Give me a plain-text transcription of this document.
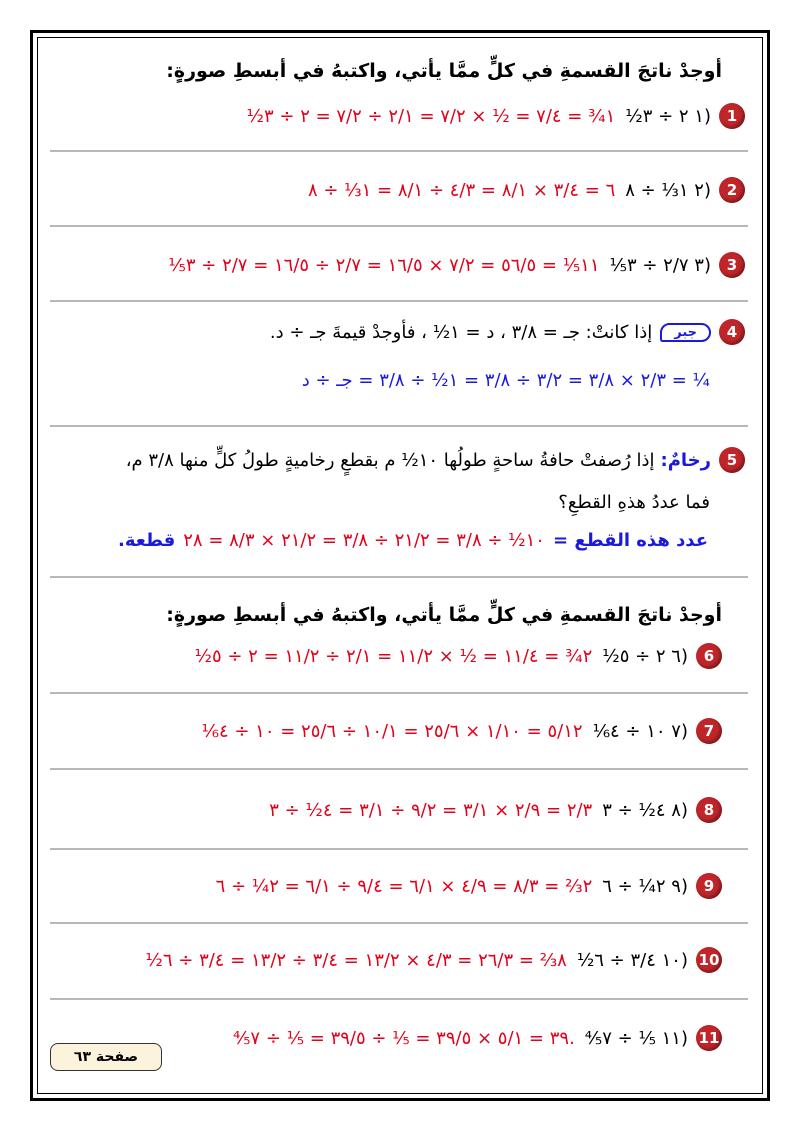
أوجدْ ناتجَ القسمةِ في كلٍّ ممَّا يأتي، واكتبهُ في أبسطِ صورةٍ:
1
(١ ٢ ÷ ٣½
١¾ = ٧/٤ = ½ × ٧/٢ = ٢/١ ÷ ٧/٢ = ٢ ÷ ٣½
2
(٢ ١⅓ ÷ ٨
٦ = ٣/٤ × ٨/١ = ٤/٣ ÷ ٨/١ = ١⅓ ÷ ٨
3
(٣ ٢/٧ ÷ ٣⅕
١١⅕ = ٥٦/٥ = ٧/٢ × ١٦/٥ = ٢/٧ ÷ ١٦/٥ = ٢/٧ ÷ ٣⅕
4
جبر
إذا كانتْ: جـ = ٣/٨ ، د = ١½ ، فأوجدْ قيمةَ جـ ÷ د.
¼ = ٢/٣ × ٣/٨ = ٣/٢ ÷ ٣/٨ = ١½ ÷ ٣/٨ = جـ ÷ د
5
رخامٌ:
إذا رُصفتْ حافةُ ساحةٍ طولُها ١٠½ م بقطعٍ رخاميةٍ طولُ كلٍّ منها ٣/٨ م،
فما عددُ هذهِ القطعِ؟
عدد هذه القطع =
١٠½ ÷ ٣/٨ = ٢١/٢ ÷ ٣/٨ = ٢١/٢ × ٨/٣ = ٢٨
قطعة.
أوجدْ ناتجَ القسمةِ في كلٍّ ممَّا يأتي، واكتبهُ في أبسطِ صورةٍ:
6
(٦ ٢ ÷ ٥½
٢¾ = ١١/٤ = ½ × ١١/٢ = ٢/١ ÷ ١١/٢ = ٢ ÷ ٥½
7
(٧ ١٠ ÷ ٤⅙
٥/١٢ = ١/١٠ × ٢٥/٦ = ١٠/١ ÷ ٢٥/٦ = ١٠ ÷ ٤⅙
8
(٨ ٤½ ÷ ٣
٢/٣ = ٢/٩ × ٣/١ = ٩/٢ ÷ ٣/١ = ٤½ ÷ ٣
9
(٩ ٢¼ ÷ ٦
٢⅔ = ٨/٣ = ٤/٩ × ٦/١ = ٩/٤ ÷ ٦/١ = ٢¼ ÷ ٦
10
(١٠ ٣/٤ ÷ ٦½
٨⅔ = ٢٦/٣ = ٤/٣ × ١٣/٢ = ٣/٤ ÷ ١٣/٢ = ٣/٤ ÷ ٦½
11
(١١ ⅕ ÷ ٧⅘
.٣٩ = ٥/١ × ٣٩/٥ = ⅕ ÷ ٣٩/٥ = ⅕ ÷ ٧⅘
صفحة ٦٣
